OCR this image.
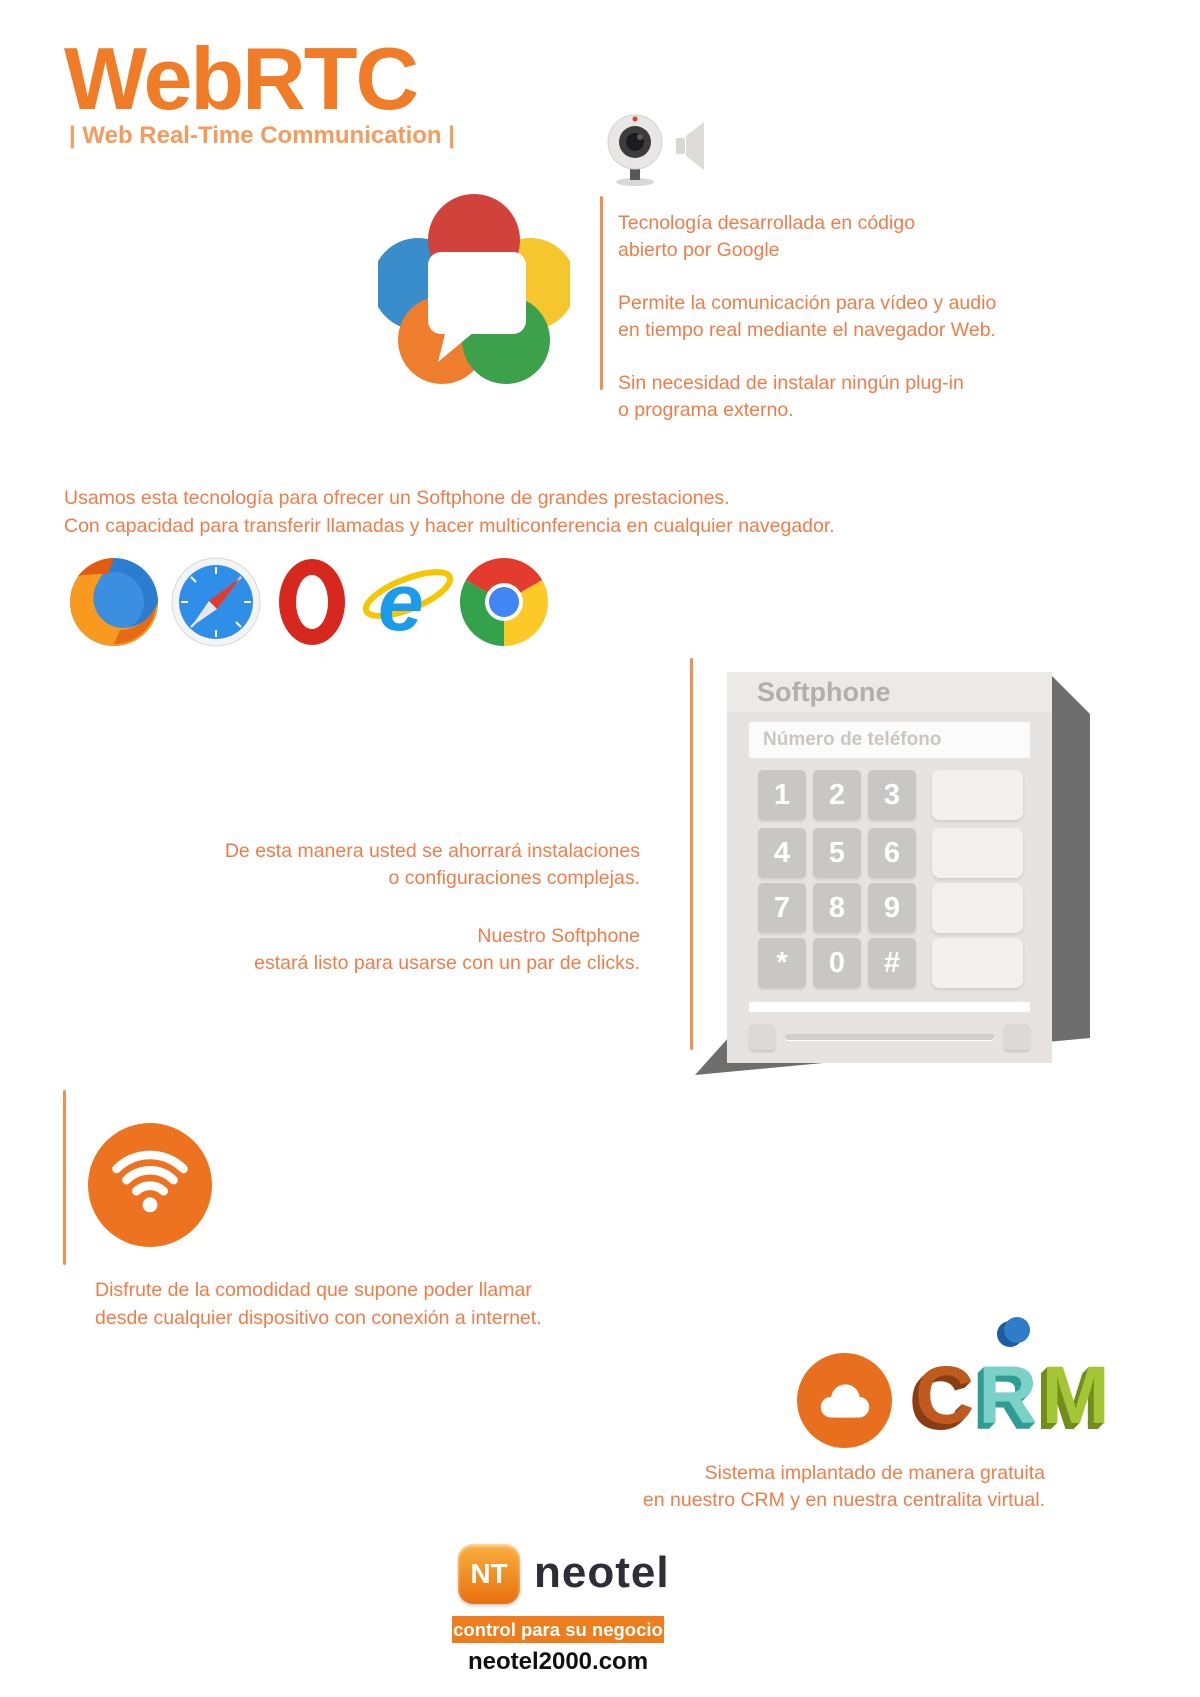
WebRTC
| Web Real-Time Communication |

Tecnología desarrollada en código
abierto por Google

Permite la comunicación para vídeo y audio
en tiempo real mediante el navegador Web.

Sin necesidad de instalar ningún plug-in
o programa externo.

Usamos esta tecnología para ofrecer un Softphone de grandes prestaciones.
Con capacidad para transferir llamadas y hacer multiconferencia en cualquier navegador.
e
Softphone
Número de teléfono
1	2	3
4	5	6
7	8	9
*	0	#

De esta manera usted se ahorrará instalaciones
o configuraciones complejas.

Nuestro Softphone
estará listo para usarse con un par de clicks.

Disfrute de la comodidad que supone poder llamar
desde cualquier dispositivo con conexión a internet.
CRM
Sistema implantado de manera gratuita
en nuestro CRM y en nuestra centralita virtual.
NT neotel
control para su negocio
neotel2000.com
